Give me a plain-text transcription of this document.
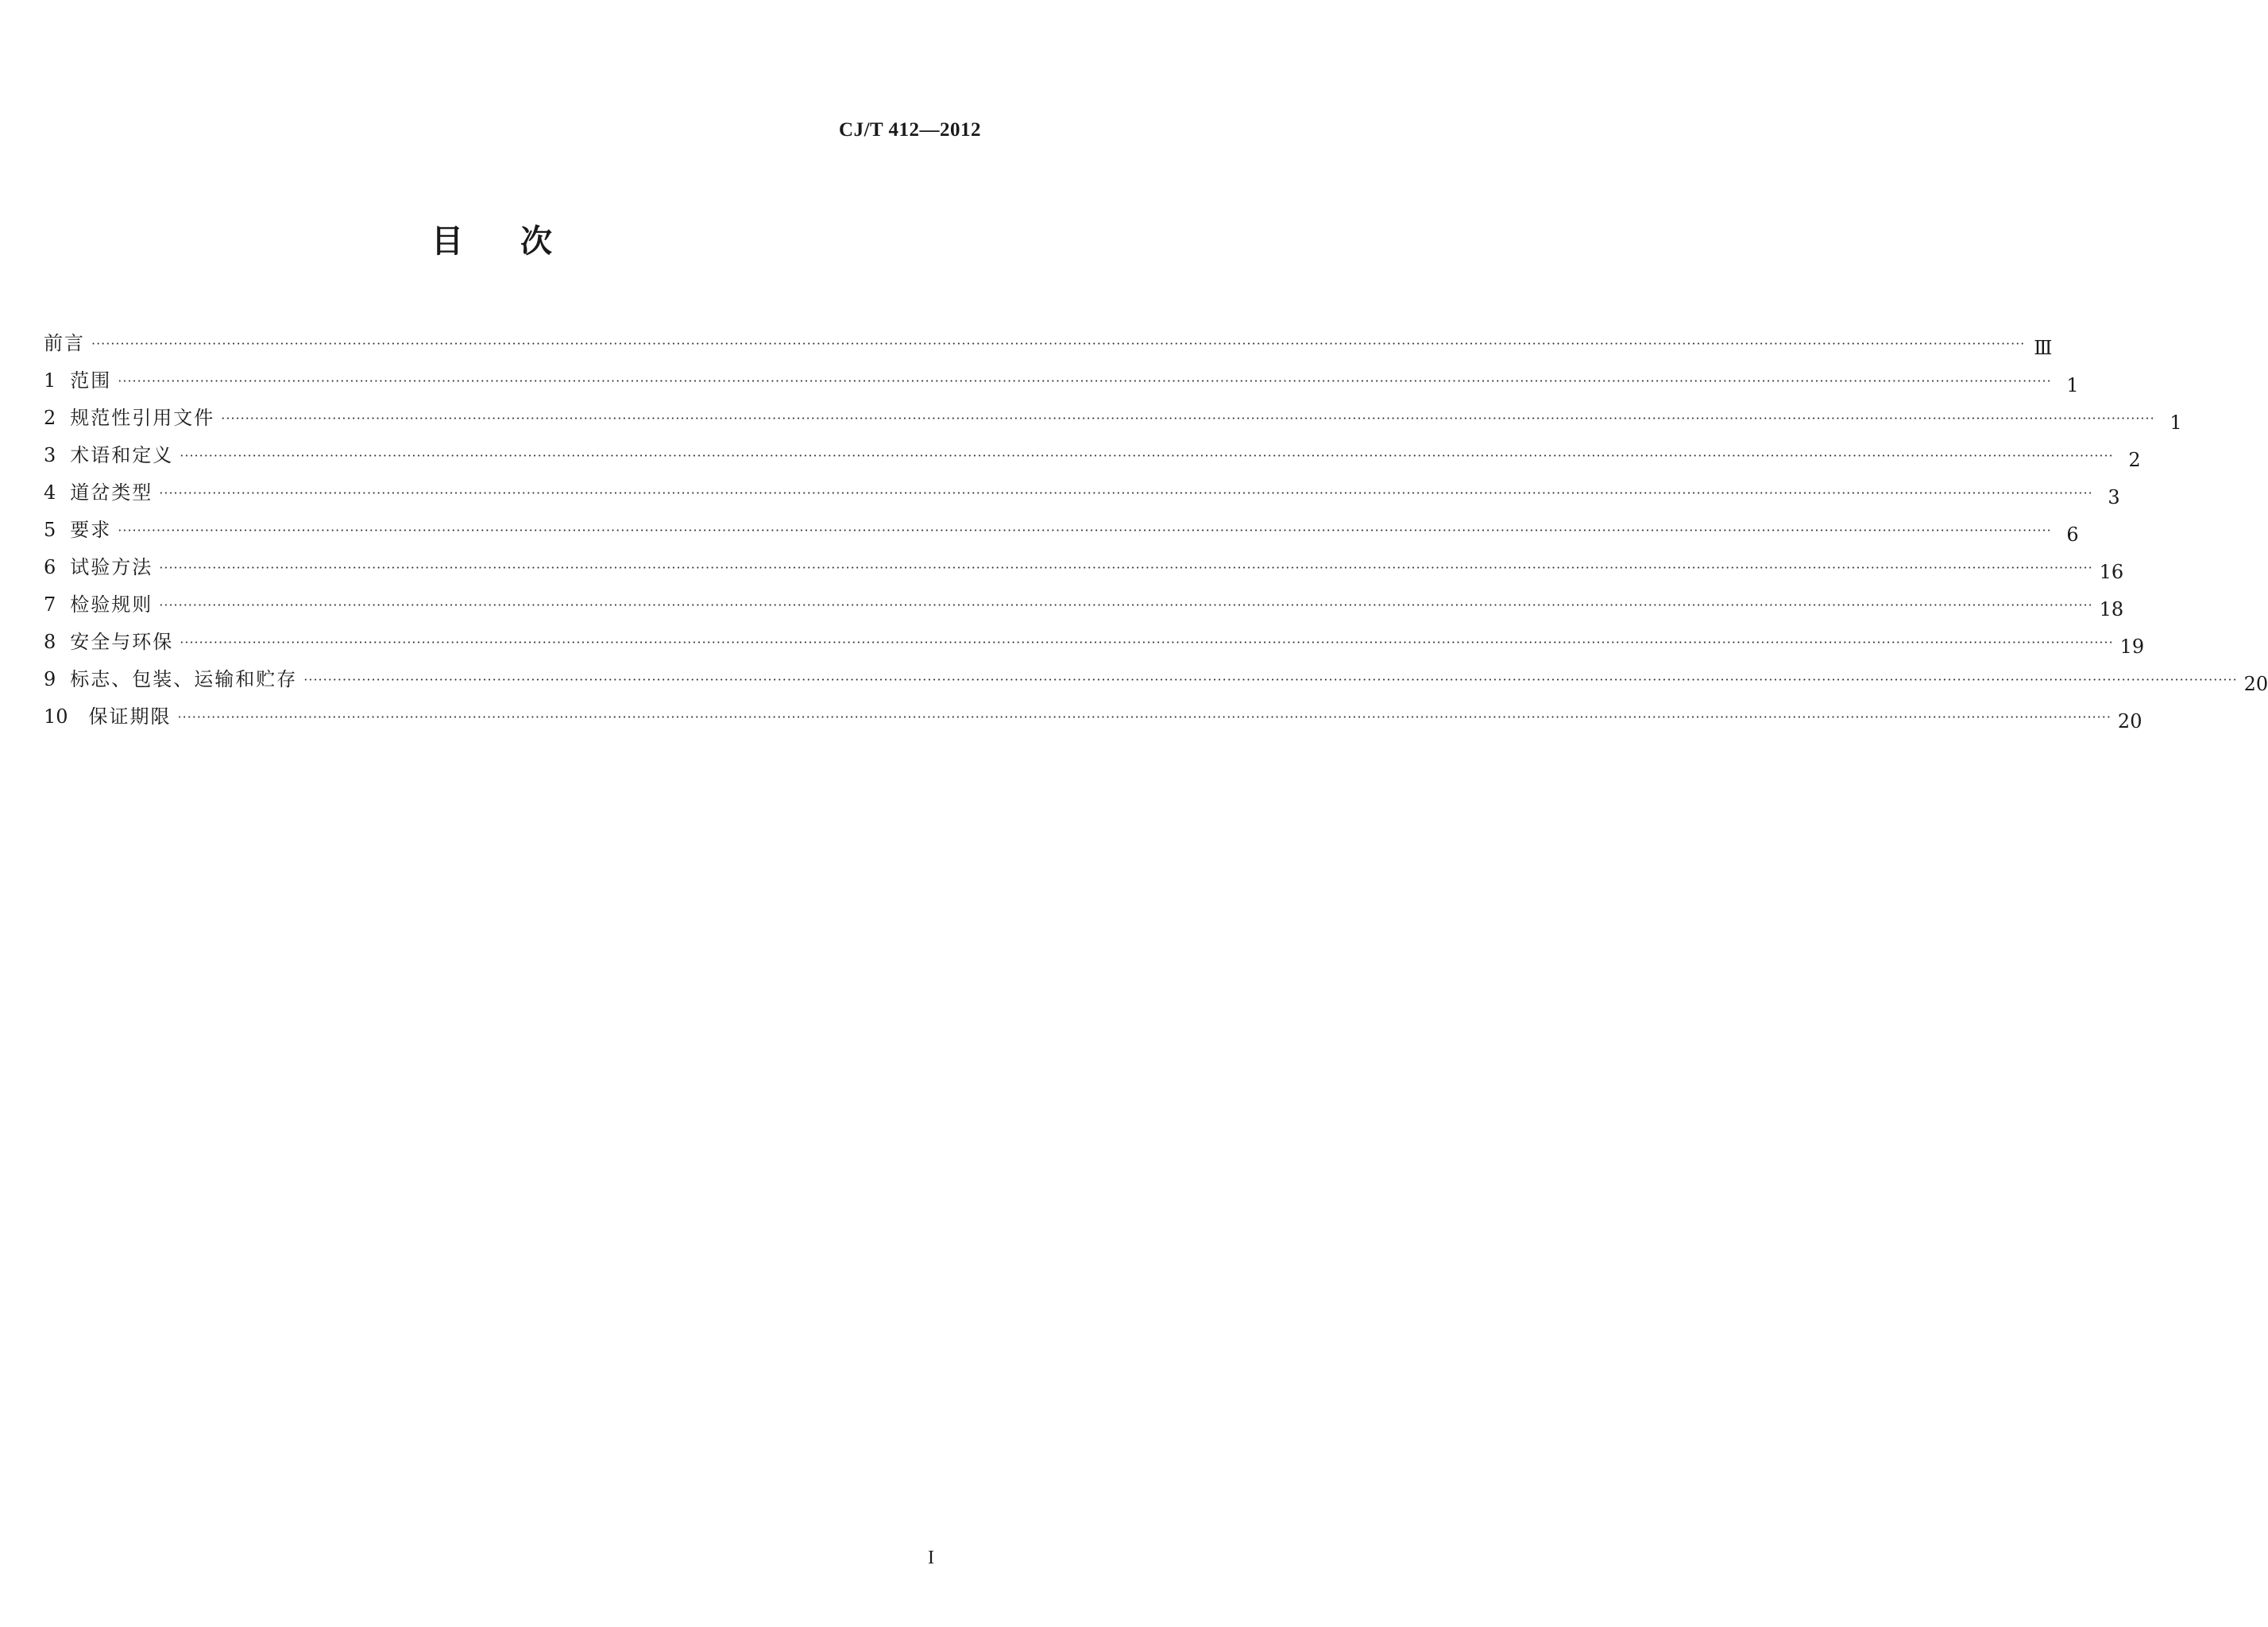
CJ/T 412—2012
目 次
前言 ················································································································································································································································································································································································································ Ⅲ
1 范围 ················································································································································································································································································································································································································ 1
2 规范性引用文件 ················································································································································································································································································································································································································ 1
3 术语和定义 ················································································································································································································································································································································································································ 2
4 道岔类型 ················································································································································································································································································································································································································ 3
5 要求 ················································································································································································································································································································································································································ 6
6 试验方法 ················································································································································································································································································································································································································ 16
7 检验规则 ················································································································································································································································································································································································································ 18
8 安全与环保 ················································································································································································································································································································································································································ 19
9 标志、包装、运输和贮存 ················································································································································································································································································································································································································ 20
10 保证期限 ················································································································································································································································································································································································································ 20
I
